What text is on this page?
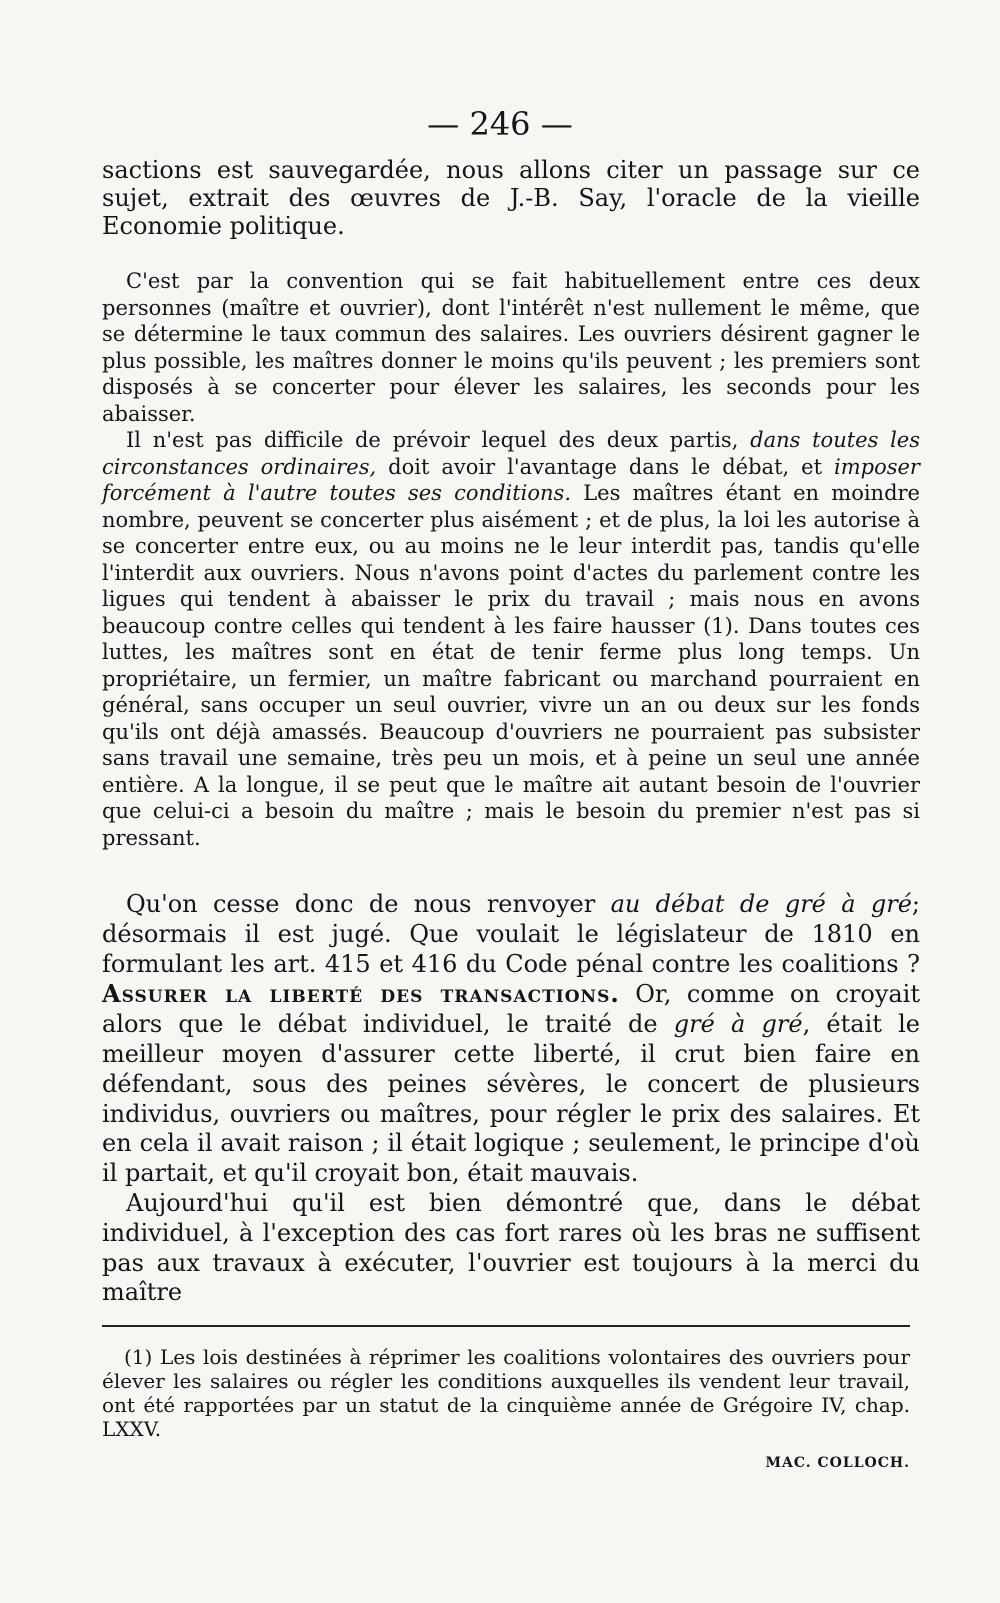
— 246 —

sactions est sauvegardée, nous allons citer un passage sur ce sujet, extrait des œuvres de J.-B. Say, l'oracle de la vieille Economie politique.

C'est par la convention qui se fait habituellement entre ces deux personnes (maître et ouvrier), dont l'intérêt n'est nullement le même, que se détermine le taux commun des salaires. Les ouvriers désirent gagner le plus possible, les maîtres donner le moins qu'ils peuvent ; les premiers sont disposés à se concerter pour élever les salaires, les seconds pour les abaisser.

Il n'est pas difficile de prévoir lequel des deux partis, dans toutes les circonstances ordinaires, doit avoir l'avantage dans le débat, et imposer forcément à l'autre toutes ses conditions. Les maîtres étant en moindre nombre, peuvent se concerter plus aisément ; et de plus, la loi les autorise à se concerter entre eux, ou au moins ne le leur interdit pas, tandis qu'elle l'interdit aux ouvriers. Nous n'avons point d'actes du parlement contre les ligues qui tendent à abaisser le prix du travail ; mais nous en avons beaucoup contre celles qui tendent à les faire hausser (1). Dans toutes ces luttes, les maîtres sont en état de tenir ferme plus long temps. Un propriétaire, un fermier, un maître fabricant ou marchand pourraient en général, sans occuper un seul ouvrier, vivre un an ou deux sur les fonds qu'ils ont déjà amassés. Beaucoup d'ouvriers ne pourraient pas subsister sans travail une semaine, très peu un mois, et à peine un seul une année entière. A la longue, il se peut que le maître ait autant besoin de l'ouvrier que celui-ci a besoin du maître ; mais le besoin du premier n'est pas si pressant.

Qu'on cesse donc de nous renvoyer au débat de gré à gré; désormais il est jugé. Que voulait le législateur de 1810 en formulant les art. 415 et 416 du Code pénal contre les coalitions ? Assurer la liberté des transactions. Or, comme on croyait alors que le débat individuel, le traité de gré à gré, était le meilleur moyen d'assurer cette liberté, il crut bien faire en défendant, sous des peines sévères, le concert de plusieurs individus, ouvriers ou maîtres, pour régler le prix des salaires. Et en cela il avait raison ; il était logique ; seulement, le principe d'où il partait, et qu'il croyait bon, était mauvais.

Aujourd'hui qu'il est bien démontré que, dans le débat individuel, à l'exception des cas fort rares où les bras ne suffisent pas aux travaux à exécuter, l'ouvrier est toujours à la merci du maître

(1) Les lois destinées à réprimer les coalitions volontaires des ouvriers pour élever les salaires ou régler les conditions auxquelles ils vendent leur travail, ont été rapportées par un statut de la cinquième année de Grégoire IV, chap. LXXV.

MAC. COLLOCH.
